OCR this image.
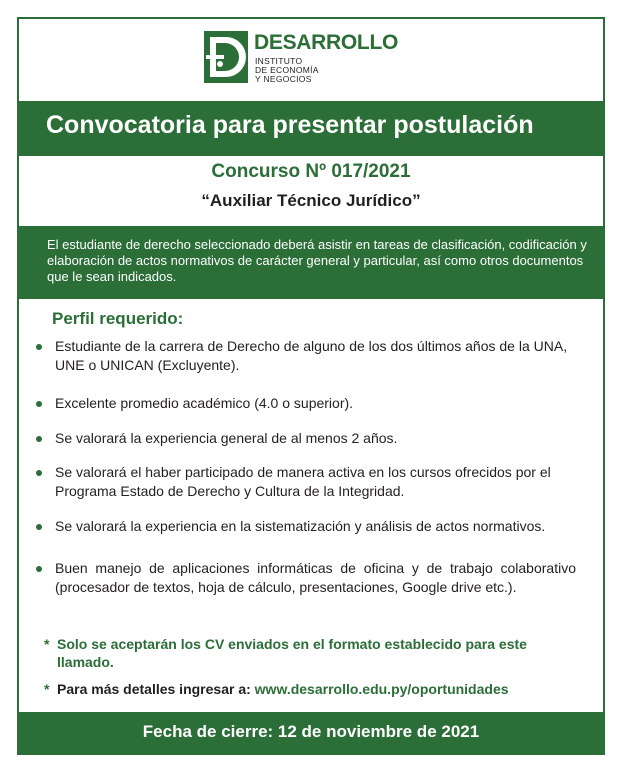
DESARROLLO
INSTITUTO
DE ECONOMÍA
Y NEGOCIOS
Convocatoria para presentar postulación
Concurso Nº 017/2021
“Auxiliar Técnico Jurídico”

El estudiante de derecho seleccionado deberá asistir en tareas de clasificación, codificación y elaboración de actos normativos de carácter general y particular, así como otros documentos que le sean indicados.

Perfil requerido:
Estudiante de la carrera de Derecho de alguno de los dos últimos años de la UNA, UNE o UNICAN (Excluyente).
Excelente promedio académico (4.0 o superior).
Se valorará la experiencia general de al menos 2 años.
Se valorará el haber participado de manera activa en los cursos ofrecidos por el Programa Estado de Derecho y Cultura de la Integridad.
Se valorará la experiencia en la sistematización y análisis de actos normativos.
Buen manejo de aplicaciones informáticas de oficina y de trabajo colaborativo (procesador de textos, hoja de cálculo, presentaciones, Google drive etc.).
* Solo se aceptarán los CV enviados en el formato establecido para este llamado.
* Para más detalles ingresar a: www.desarrollo.edu.py/oportunidades
Fecha de cierre: 12 de noviembre de 2021
